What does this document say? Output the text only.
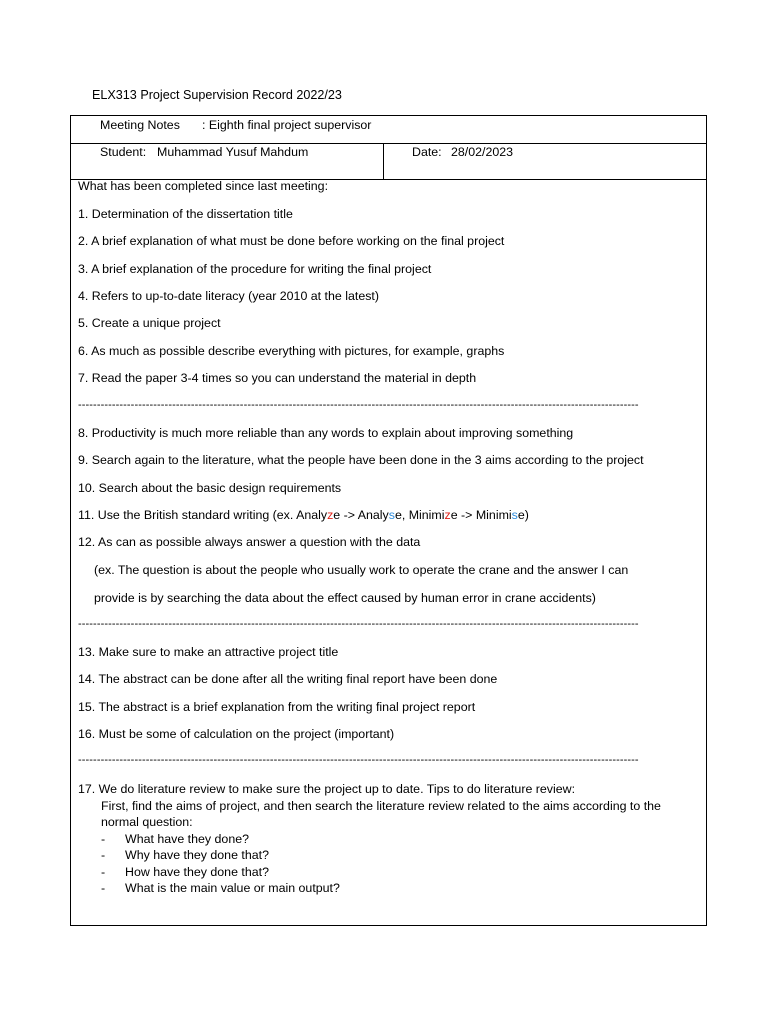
ELX313 Project Supervision Record 2022/23
Meeting Notes : Eighth final project supervisor
Student: Muhammad Yusuf Mahdum	Date: 28/02/2023
What has been completed since last meeting:
1. Determination of the dissertation title
2. A brief explanation of what must be done before working on the final project
3. A brief explanation of the procedure for writing the final project
4. Refers to up-to-date literacy (year 2010 at the latest)
5. Create a unique project
6. As much as possible describe everything with pictures, for example, graphs
7. Read the paper 3-4 times so you can understand the material in depth
-----------------------------------------------------------------------------------------------------------------------------------------------------
8. Productivity is much more reliable than any words to explain about improving something
9. Search again to the literature, what the people have been done in the 3 aims according to the project
10. Search about the basic design requirements
11. Use the British standard writing (ex. Analyze -> Analyse, Minimize -> Minimise)
12. As can as possible always answer a question with the data
(ex. The question is about the people who usually work to operate the crane and the answer I can
provide is by searching the data about the effect caused by human error in crane accidents)
-----------------------------------------------------------------------------------------------------------------------------------------------------
13. Make sure to make an attractive project title
14. The abstract can be done after all the writing final report have been done
15. The abstract is a brief explanation from the writing final project report
16. Must be some of calculation on the project (important)
-----------------------------------------------------------------------------------------------------------------------------------------------------
17. We do literature review to make sure the project up to date. Tips to do literature review:
First, find the aims of project, and then search the literature review related to the aims according to the
normal question:
- What have they done?
- Why have they done that?
- How have they done that?
- What is the main value or main output?
